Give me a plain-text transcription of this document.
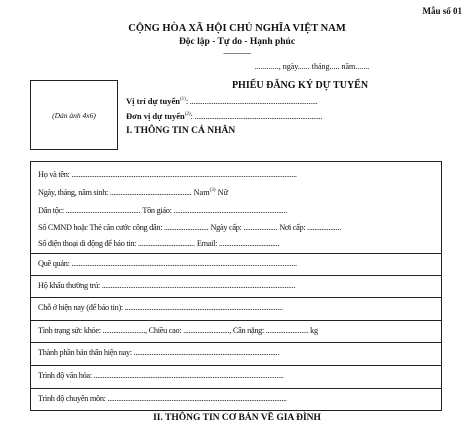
Mẫu số 01
CỘNG HÒA XÃ HỘI CHỦ NGHĨA VIỆT NAM
Độc lập - Tự do - Hạnh phúc
---------------
............, ngày...... tháng..... năm.......
(Dán ảnh 4x6)
PHIẾU ĐĂNG KÝ DỰ TUYỂN
Vị trí dự tuyển$^{(1)}$: ......................................................................
Đơn vị dự tuyển$^{(2)}$: ......................................................................
I. THÔNG TIN CÁ NHÂN
Họ và tên: ...............................................................................................................................
Ngày, tháng, năm sinh: .............................................. Nam$^{(3)}$ Nữ
Dân tộc: .......................................... Tôn giáo: ................................................................
Số CMND hoặc Thẻ căn cước công dân: ......................... Ngày cấp: ................... Nơi cấp: ...................
Số điện thoại di động để báo tin: ................................ Email: ..................................
Quê quán: ...............................................................................................................................
Hộ khẩu thường trú: .............................................................................................................
Chỗ ở hiện nay (để báo tin): .........................................................................................
Tình trạng sức khỏe: ........................, Chiều cao: .........................., Cân nặng: ........................ kg
Thành phần bản thân hiện nay: ..................................................................................
Trình độ văn hóa: ...........................................................................................................
Trình độ chuyên môn: .....................................................................................................
II. THÔNG TIN CƠ BẢN VỀ GIA ĐÌNH
